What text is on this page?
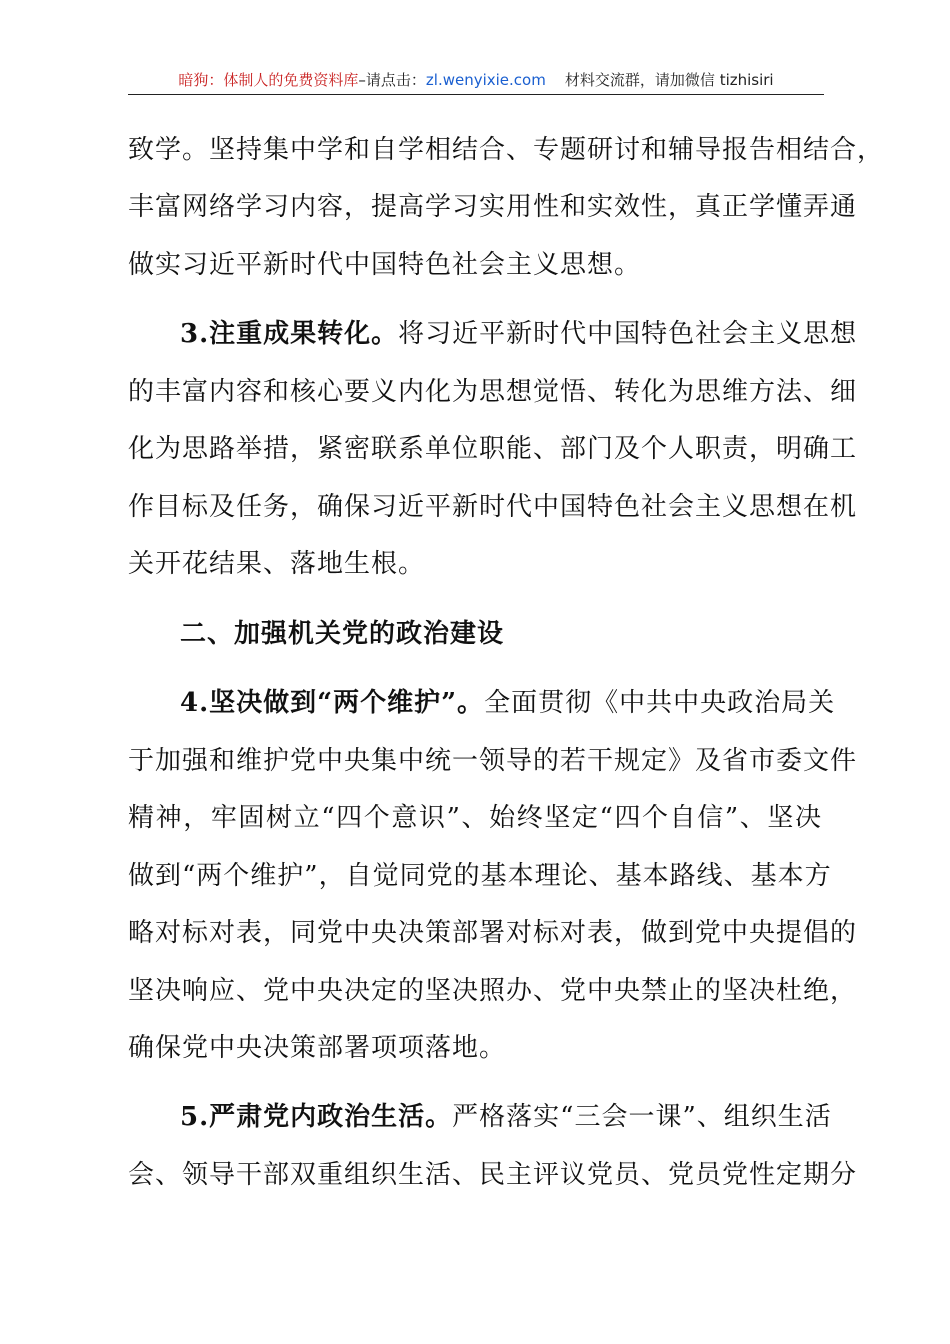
暗狗：体制人的免费资料库–请点击：zl.wenyixie.com 材料交流群，请加微信 tizhisiri
致学。坚持集中学和自学相结合、专题研讨和辅导报告相结合，
丰富网络学习内容，提高学习实用性和实效性，真正学懂弄通
做实习近平新时代中国特色社会主义思想。
3.注重成果转化。将习近平新时代中国特色社会主义思想
的丰富内容和核心要义内化为思想觉悟、转化为思维方法、细
化为思路举措，紧密联系单位职能、部门及个人职责，明确工
作目标及任务，确保习近平新时代中国特色社会主义思想在机
关开花结果、落地生根。
二、加强机关党的政治建设
4.坚决做到“两个维护”。全面贯彻《中共中央政治局关
于加强和维护党中央集中统一领导的若干规定》及省市委文件
精神，牢固树立“四个意识”、始终坚定“四个自信”、坚决
做到“两个维护”，自觉同党的基本理论、基本路线、基本方
略对标对表，同党中央决策部署对标对表，做到党中央提倡的
坚决响应、党中央决定的坚决照办、党中央禁止的坚决杜绝，
确保党中央决策部署项项落地。
5.严肃党内政治生活。严格落实“三会一课”、组织生活
会、领导干部双重组织生活、民主评议党员、党员党性定期分
